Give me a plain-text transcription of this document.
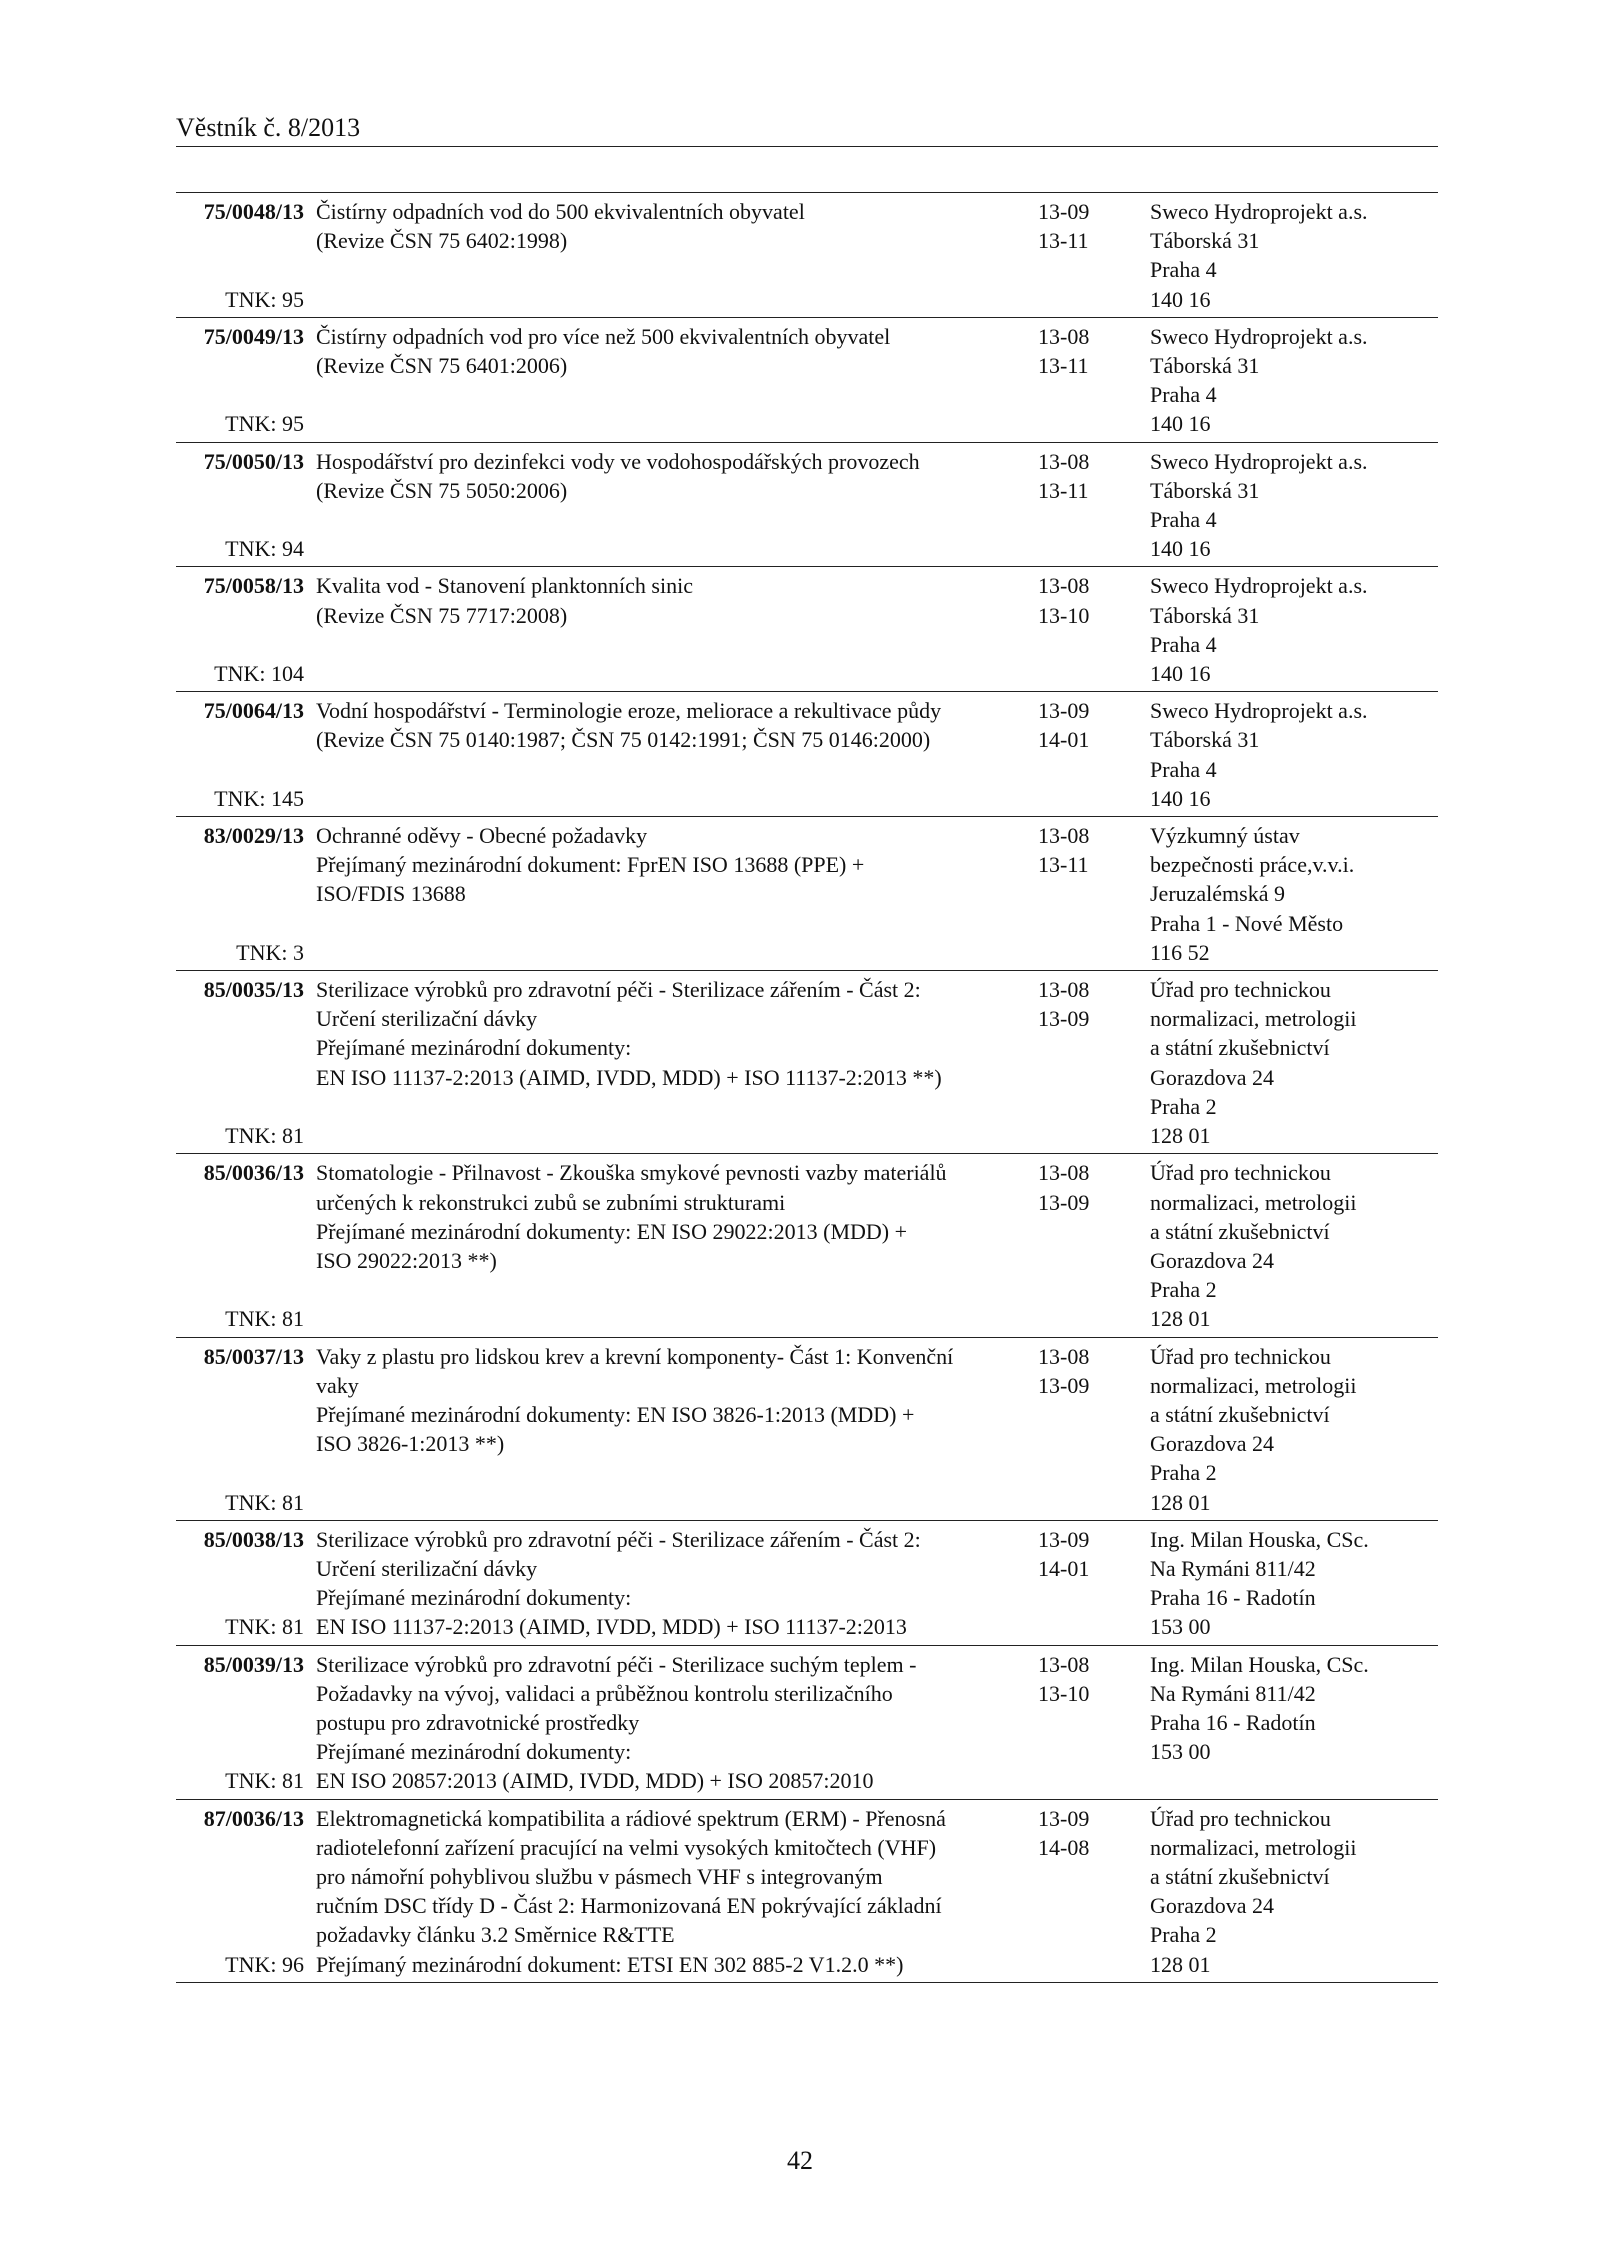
Věstník č. 8/2013
75/0048/13
TNK: 95
Čistírny odpadních vod do 500 ekvivalentních obyvatel
(Revize ČSN 75 6402:1998)
13-09
13-11
Sweco Hydroprojekt a.s.
Táborská 31
Praha 4
140 16
75/0049/13
TNK: 95
Čistírny odpadních vod pro více než 500 ekvivalentních obyvatel
(Revize ČSN 75 6401:2006)
13-08
13-11
Sweco Hydroprojekt a.s.
Táborská 31
Praha 4
140 16
75/0050/13
TNK: 94
Hospodářství pro dezinfekci vody ve vodohospodářských provozech
(Revize ČSN 75 5050:2006)
13-08
13-11
Sweco Hydroprojekt a.s.
Táborská 31
Praha 4
140 16
75/0058/13
TNK: 104
Kvalita vod - Stanovení planktonních sinic
(Revize ČSN 75 7717:2008)
13-08
13-10
Sweco Hydroprojekt a.s.
Táborská 31
Praha 4
140 16
75/0064/13
TNK: 145
Vodní hospodářství - Terminologie eroze, meliorace a rekultivace půdy
(Revize ČSN 75 0140:1987; ČSN 75 0142:1991; ČSN 75 0146:2000)
13-09
14-01
Sweco Hydroprojekt a.s.
Táborská 31
Praha 4
140 16
83/0029/13
TNK: 3
Ochranné oděvy - Obecné požadavky
Přejímaný mezinárodní dokument: FprEN ISO 13688 (PPE) +
ISO/FDIS 13688
13-08
13-11
Výzkumný ústav
bezpečnosti práce,v.v.i.
Jeruzalémská 9
Praha 1 - Nové Město
116 52
85/0035/13
TNK: 81
Sterilizace výrobků pro zdravotní péči - Sterilizace zářením - Část 2:
Určení sterilizační dávky
Přejímané mezinárodní dokumenty:
EN ISO 11137-2:2013 (AIMD, IVDD, MDD) + ISO 11137-2:2013 **)
13-08
13-09
Úřad pro technickou
normalizaci, metrologii
a státní zkušebnictví
Gorazdova 24
Praha 2
128 01
85/0036/13
TNK: 81
Stomatologie - Přilnavost - Zkouška smykové pevnosti vazby materiálů
určených k rekonstrukci zubů se zubními strukturami
Přejímané mezinárodní dokumenty: EN ISO 29022:2013 (MDD) +
ISO 29022:2013 **)
13-08
13-09
Úřad pro technickou
normalizaci, metrologii
a státní zkušebnictví
Gorazdova 24
Praha 2
128 01
85/0037/13
TNK: 81
Vaky z plastu pro lidskou krev a krevní komponenty- Část 1: Konvenční
vaky
Přejímané mezinárodní dokumenty: EN ISO 3826-1:2013 (MDD) +
ISO 3826-1:2013 **)
13-08
13-09
Úřad pro technickou
normalizaci, metrologii
a státní zkušebnictví
Gorazdova 24
Praha 2
128 01
85/0038/13
TNK: 81
Sterilizace výrobků pro zdravotní péči - Sterilizace zářením - Část 2:
Určení sterilizační dávky
Přejímané mezinárodní dokumenty:
EN ISO 11137-2:2013 (AIMD, IVDD, MDD) + ISO 11137-2:2013
13-09
14-01
Ing. Milan Houska, CSc.
Na Rymáni 811/42
Praha 16 - Radotín
153 00
85/0039/13
TNK: 81
Sterilizace výrobků pro zdravotní péči - Sterilizace suchým teplem -
Požadavky na vývoj, validaci a průběžnou kontrolu sterilizačního
postupu pro zdravotnické prostředky
Přejímané mezinárodní dokumenty:
EN ISO 20857:2013 (AIMD, IVDD, MDD) + ISO 20857:2010
13-08
13-10
Ing. Milan Houska, CSc.
Na Rymáni 811/42
Praha 16 - Radotín
153 00
87/0036/13
TNK: 96
Elektromagnetická kompatibilita a rádiové spektrum (ERM) - Přenosná
radiotelefonní zařízení pracující na velmi vysokých kmitočtech (VHF)
pro námořní pohyblivou službu v pásmech VHF s integrovaným
ručním DSC třídy D - Část 2: Harmonizovaná EN pokrývající základní
požadavky článku 3.2 Směrnice R&TTE
Přejímaný mezinárodní dokument: ETSI EN 302 885-2 V1.2.0 **)
13-09
14-08
Úřad pro technickou
normalizaci, metrologii
a státní zkušebnictví
Gorazdova 24
Praha 2
128 01
42
